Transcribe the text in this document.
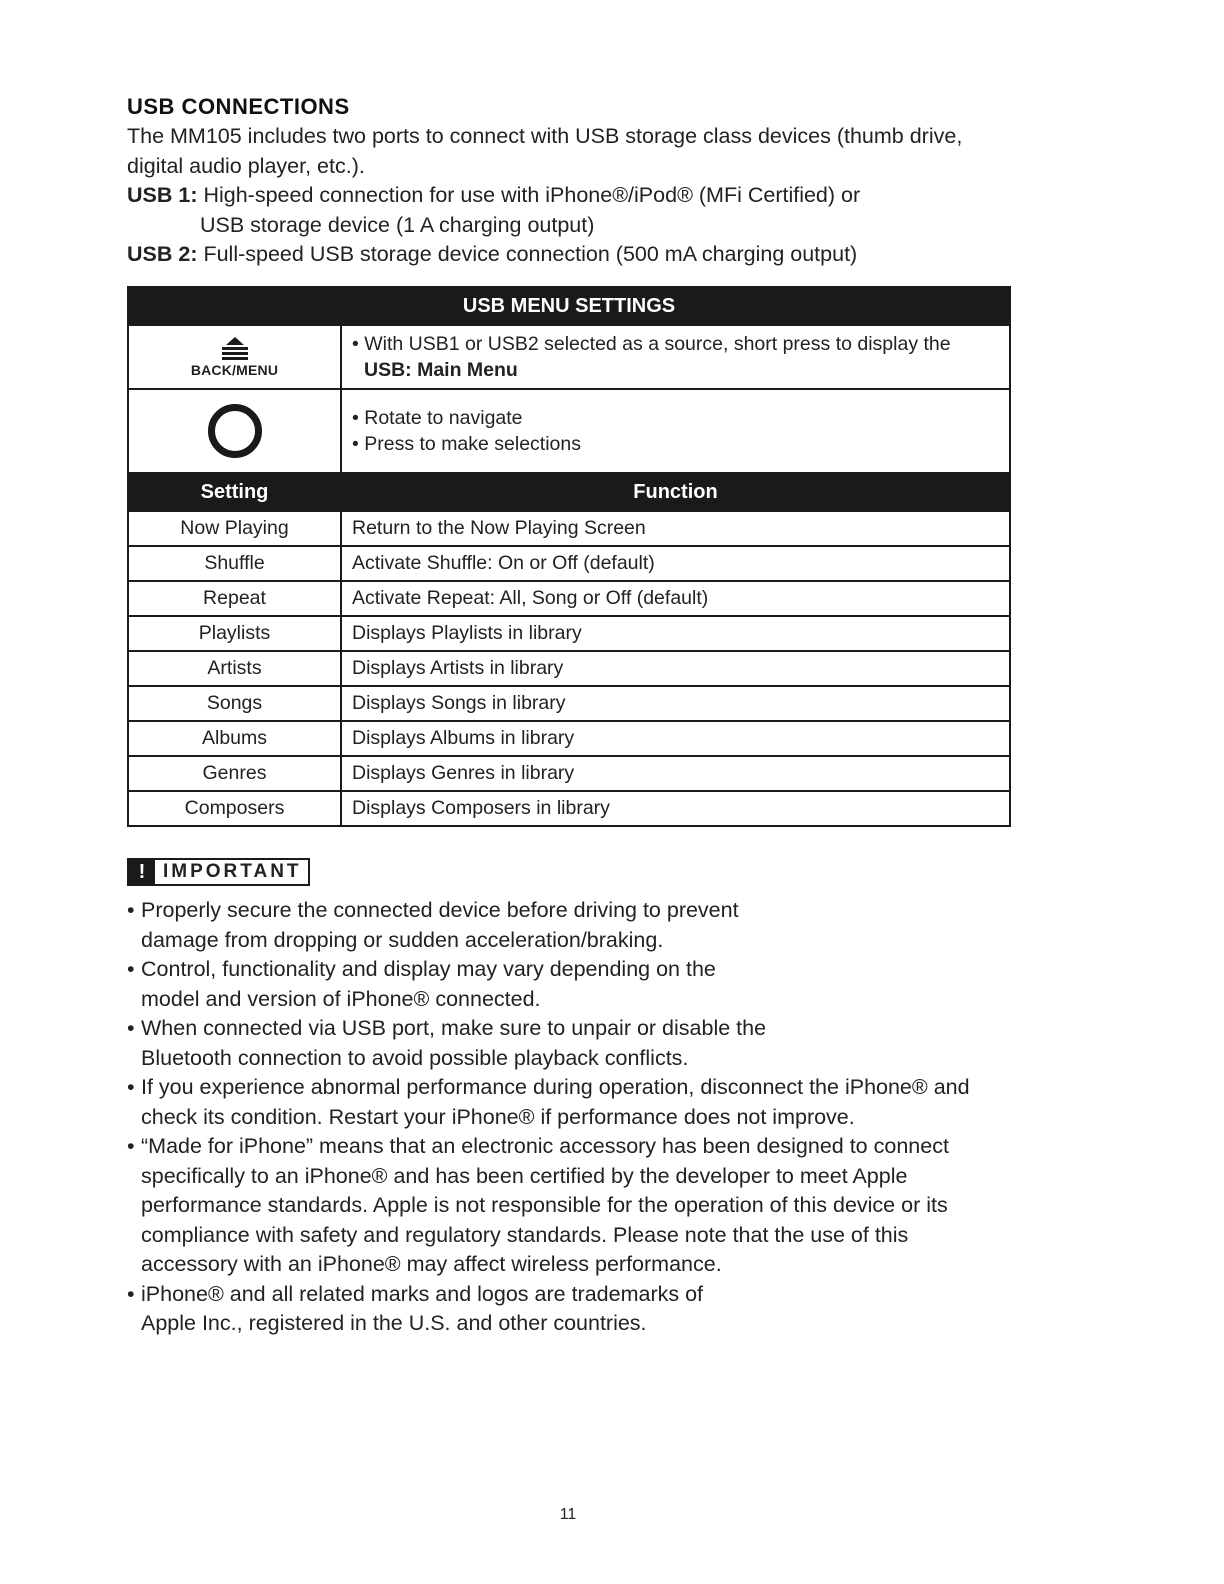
USB CONNECTIONS

The MM105 includes two ports to connect with USB storage class devices (thumb drive, digital audio player, etc.).

USB 1: High-speed connection for use with iPhone®/iPod® (MFi Certified) or
USB storage device (1 A charging output)
USB 2: Full-speed USB storage device connection (500 mA charging output)
USB MENU SETTINGS	

BACK/MENU	• With USB1 or USB2 selected as a source, short press to display the
USB: Main Menu

	• Rotate to navigate
• Press to make selections

Setting	Function
Now Playing	Return to the Now Playing Screen
Shuffle	Activate Shuffle: On or Off (default)
Repeat	Activate Repeat: All, Song or Off (default)
Playlists	Displays Playlists in library
Artists	Displays Artists in library
Songs	Displays Songs in library
Albums	Displays Albums in library
Genres	Displays Genres in library
Composers	Displays Composers in library
! IMPORTANT
• Properly secure the connected device before driving to prevent damage from dropping or sudden acceleration/braking.
• Control, functionality and display may vary depending on the model and version of iPhone® connected.
• When connected via USB port, make sure to unpair or disable the Bluetooth connection to avoid possible playback conflicts.
• If you experience abnormal performance during operation, disconnect the iPhone® and check its condition. Restart your iPhone® if performance does not improve.
• “Made for iPhone” means that an electronic accessory has been designed to connect specifically to an iPhone® and has been certified by the developer to meet Apple performance standards. Apple is not responsible for the operation of this device or its compliance with safety and regulatory standards. Please note that the use of this accessory with an iPhone® may affect wireless performance.
• iPhone® and all related marks and logos are trademarks of Apple Inc., registered in the U.S. and other countries.
11
